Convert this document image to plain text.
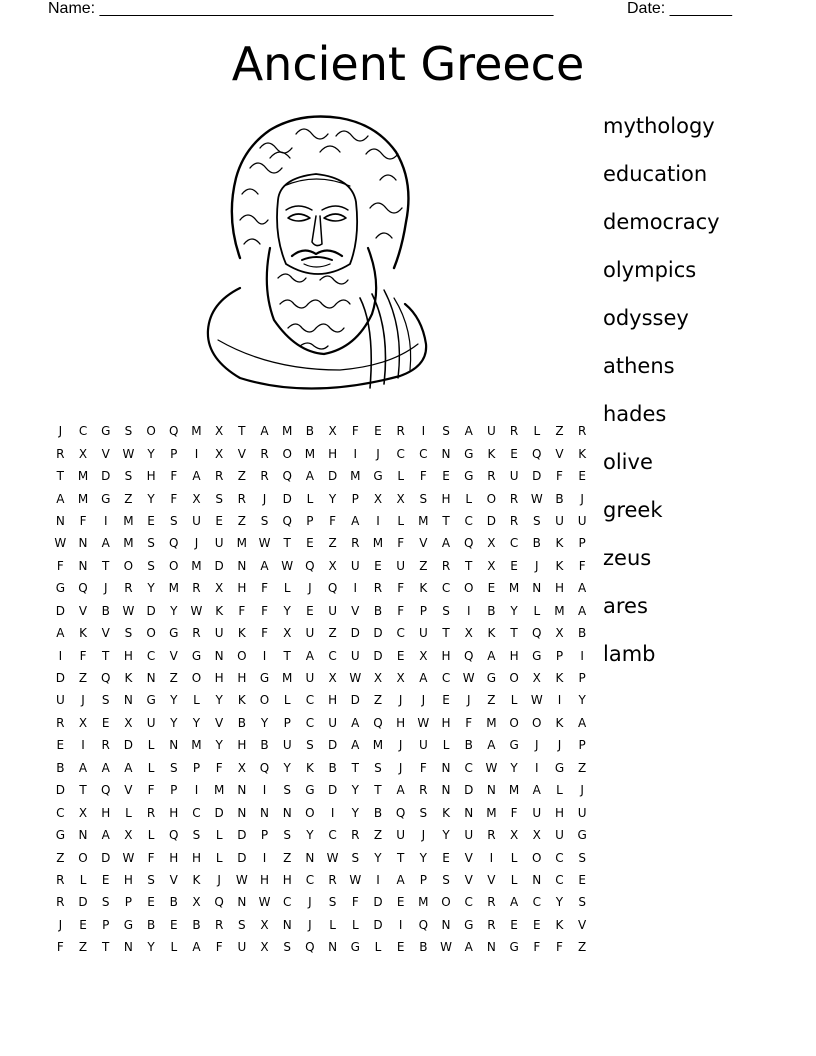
Name: ___________________________________________________	Date: _______
Ancient Greece
mythology
education
democracy
olympics
odyssey
athens
hades
olive
greek
zeus
ares
lamb
J	C	G	S	O	Q	M	X	T	A	M	B	X	F	E	R	I	S	A	U	R	L	Z	R
R	X	V	W	Y	P	I	X	V	R	O	M	H	I	J	C	C	N	G	K	E	Q	V	K
T	M	D	S	H	F	A	R	Z	R	Q	A	D	M	G	L	F	E	G	R	U	D	F	E
A	M	G	Z	Y	F	X	S	R	J	D	L	Y	P	X	X	S	H	L	O	R	W	B	J
N	F	I	M	E	S	U	E	Z	S	Q	P	F	A	I	L	M	T	C	D	R	S	U	U
W	N	A	M	S	Q	J	U	M	W	T	E	Z	R	M	F	V	A	Q	X	C	B	K	P
F	N	T	O	S	O	M	D	N	A	W	Q	X	U	E	U	Z	R	T	X	E	J	K	F
G	Q	J	R	Y	M	R	X	H	F	L	J	Q	I	R	F	K	C	O	E	M	N	H	A
D	V	B	W	D	Y	W	K	F	F	Y	E	U	V	B	F	P	S	I	B	Y	L	M	A
A	K	V	S	O	G	R	U	K	F	X	U	Z	D	D	C	U	T	X	K	T	Q	X	B
I	F	T	H	C	V	G	N	O	I	T	A	C	U	D	E	X	H	Q	A	H	G	P	I
D	Z	Q	K	N	Z	O	H	H	G	M	U	X	W	X	X	A	C	W	G	O	X	K	P
U	J	S	N	G	Y	L	Y	K	O	L	C	H	D	Z	J	J	E	J	Z	L	W	I	Y
R	X	E	X	U	Y	Y	V	B	Y	P	C	U	A	Q	H	W	H	F	M	O	O	K	A
E	I	R	D	L	N	M	Y	H	B	U	S	D	A	M	J	U	L	B	A	G	J	J	P
B	A	A	A	L	S	P	F	X	Q	Y	K	B	T	S	J	F	N	C	W	Y	I	G	Z
D	T	Q	V	F	P	I	M	N	I	S	G	D	Y	T	A	R	N	D	N	M	A	L	J
C	X	H	L	R	H	C	D	N	N	N	O	I	Y	B	Q	S	K	N	M	F	U	H	U
G	N	A	X	L	Q	S	L	D	P	S	Y	C	R	Z	U	J	Y	U	R	X	X	U	G
Z	O	D	W	F	H	H	L	D	I	Z	N	W	S	Y	T	Y	E	V	I	L	O	C	S
R	L	E	H	S	V	K	J	W	H	H	C	R	W	I	A	P	S	V	V	L	N	C	E
R	D	S	P	E	B	X	Q	N	W	C	J	S	F	D	E	M	O	C	R	A	C	Y	S
J	E	P	G	B	E	B	R	S	X	N	J	L	L	D	I	Q	N	G	R	E	E	K	V
F	Z	T	N	Y	L	A	F	U	X	S	Q	N	G	L	E	B	W	A	N	G	F	F	Z
